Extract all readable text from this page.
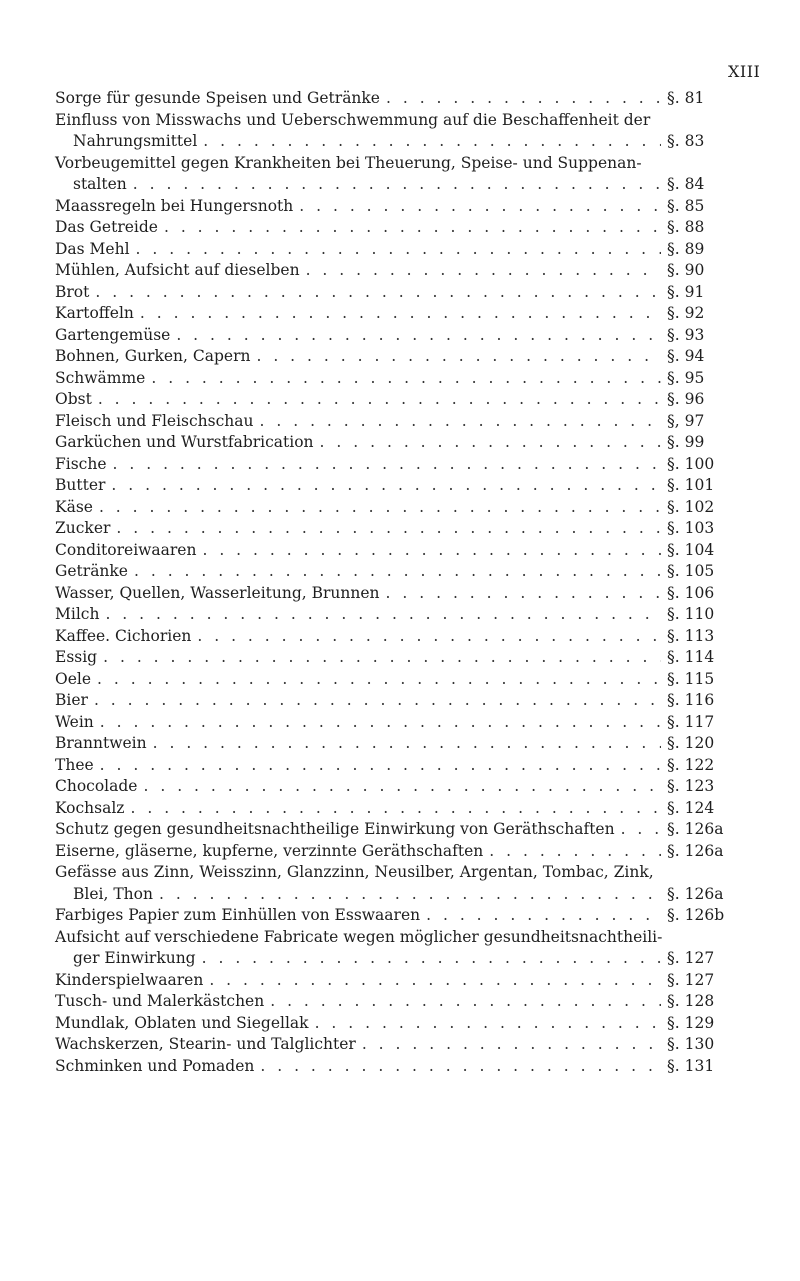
XIII
Sorge für gesunde Speisen und Getränke . . .	§. 81
Einfluss von Misswachs und Ueberschwemmung auf die Beschaffenheit der
Nahrungsmittel . . .	§. 83
Vorbeugemittel gegen Krankheiten bei Theuerung, Speise- und Suppenan-
stalten . . .	§. 84
Maassregeln bei Hungersnoth . . .	§. 85
Das Getreide . . .	§. 88
Das Mehl . . .	§. 89
Mühlen, Aufsicht auf dieselben . . .	§. 90
Brot . . .	§. 91
Kartoffeln . . .	§. 92
Gartengemüse . . .	§. 93
Bohnen, Gurken, Capern . . .	§. 94
Schwämme . . .	§. 95
Obst . . .	§. 96
Fleisch und Fleischschau . . .	§, 97
Garküchen und Wurstfabrication . . .	§. 99
Fische . . .	§. 100
Butter . . .	§. 101
Käse . . .	§. 102
Zucker . . .	§. 103
Conditoreiwaaren . . .	§. 104
Getränke . . .	§. 105
Wasser, Quellen, Wasserleitung, Brunnen . . .	§. 106
Milch . . .	§. 110
Kaffee. Cichorien . . .	§. 113
Essig . . .	§. 114
Oele . . .	§. 115
Bier . . .	§. 116
Wein . . .	§. 117
Branntwein . . .	§. 120
Thee . . .	§. 122
Chocolade . . .	§. 123
Kochsalz . . .	§. 124
Schutz gegen gesundheitsnachtheilige Einwirkung von Geräthschaften . . .	§. 126a
Eiserne, gläserne, kupferne, verzinnte Geräthschaften . . .	§. 126a
Gefässe aus Zinn, Weisszinn, Glanzzinn, Neusilber, Argentan, Tombac, Zink,
Blei, Thon . . .	§. 126a
Farbiges Papier zum Einhüllen von Esswaaren . . .	§. 126b
Aufsicht auf verschiedene Fabricate wegen möglicher gesundheitsnachtheili-
ger Einwirkung . . .	§. 127
Kinderspielwaaren . . .	§. 127
Tusch- und Malerkästchen . . .	§. 128
Mundlak, Oblaten und Siegellak . . .	§. 129
Wachskerzen, Stearin- und Talglichter . . .	§. 130
Schminken und Pomaden . . .	§. 131
